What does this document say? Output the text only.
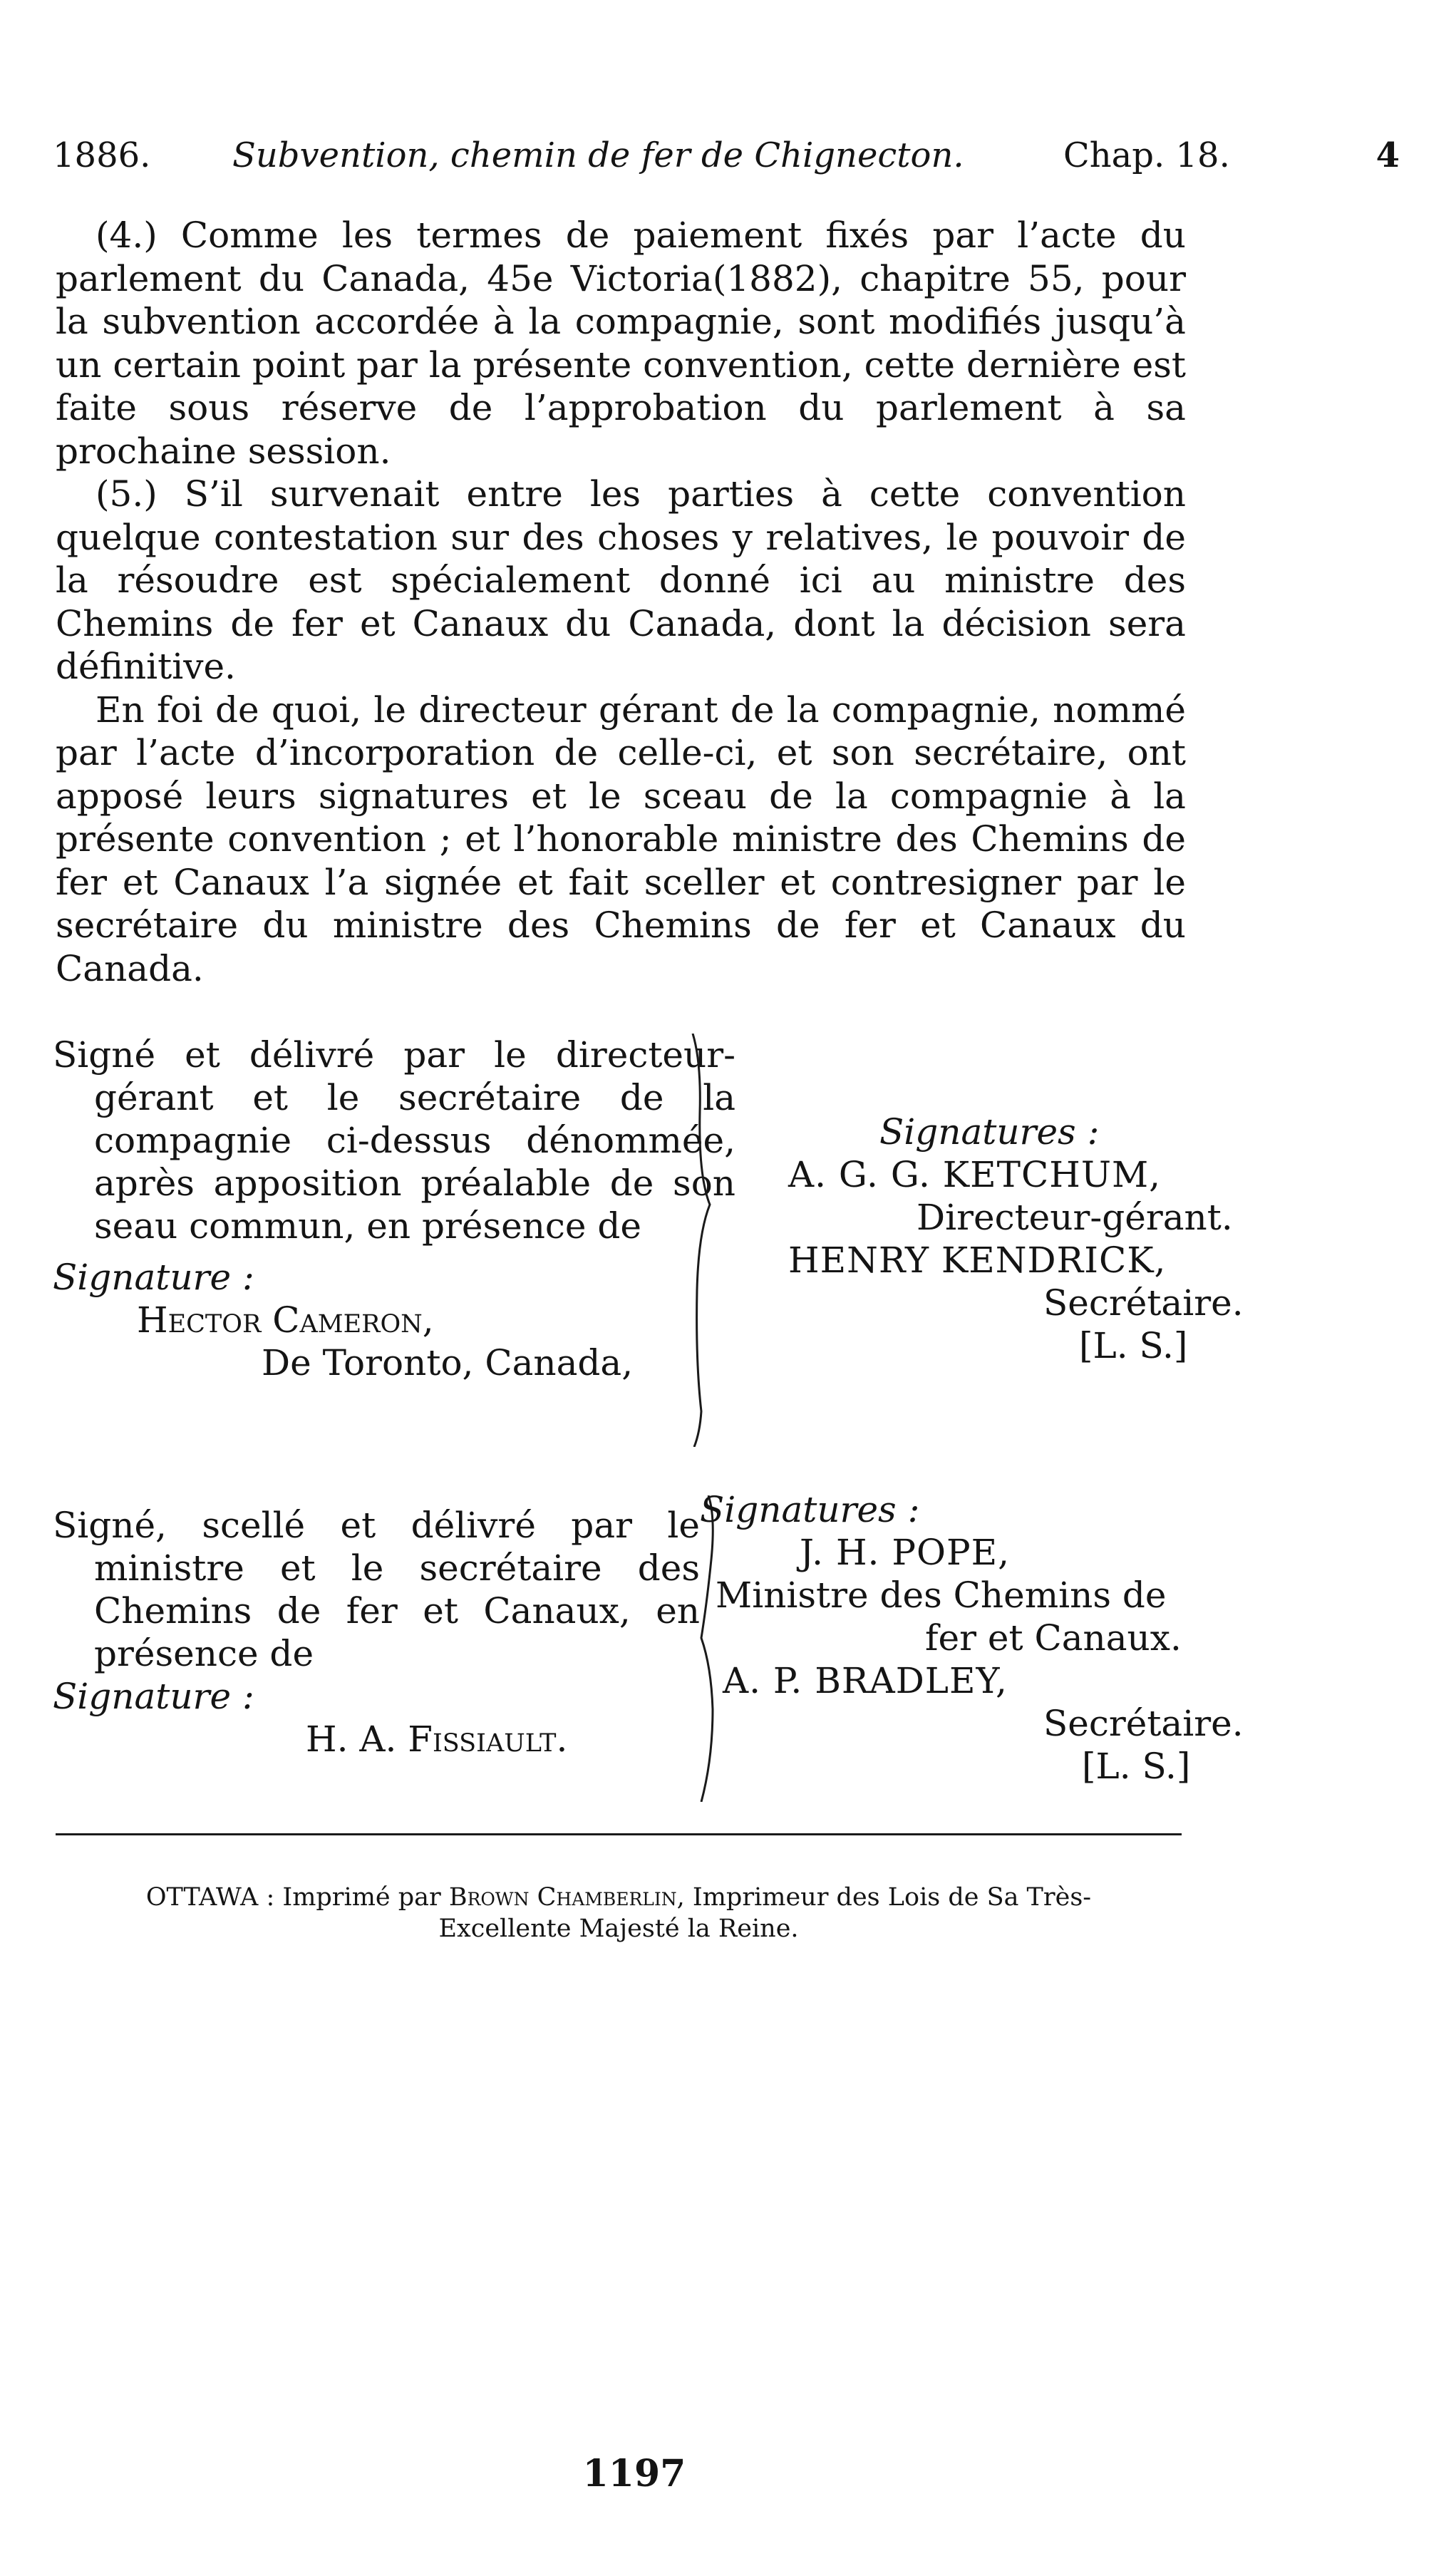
1886. Subvention, chemin de fer de Chignecton.	Chap. 18.	4

(4.) Comme les termes de paiement fixés par l’acte du parlement du Canada, 45e Victoria(1882), chapitre 55, pour la subvention accordée à la compagnie, sont modifiés jusqu’à un certain point par la présente convention, cette dernière est faite sous réserve de l’approbation du parlement à sa prochaine session.

(5.) S’il survenait entre les parties à cette convention quelque contestation sur des choses y relatives, le pouvoir de la résoudre est spécialement donné ici au ministre des Chemins de fer et Canaux du Canada, dont la décision sera définitive.

En foi de quoi, le directeur gérant de la compagnie, nommé par l’acte d’incorporation de celle-ci, et son secrétaire, ont apposé leurs signatures et le sceau de la compagnie à la présente convention ; et l’honorable ministre des Chemins de fer et Canaux l’a signée et fait sceller et contresigner par le secrétaire du ministre des Chemins de fer et Canaux du Canada.

Signé et délivré par le directeur-gérant et le secrétaire de la compagnie ci-dessus dénommée, après apposition préalable de son seau commun, en présence de

Signature :

Hector Cameron,

De Toronto, Canada,

Signatures :

A. G. G. KETCHUM,

Directeur-gérant.

HENRY KENDRICK,

Secrétaire.

[L. S.]

Signé, scellé et délivré par le ministre et le secrétaire des Chemins de fer et Canaux, en présence de

Signature :

H. A. Fissiault.

Signatures :

J. H. POPE,

Ministre des Chemins de

fer et Canaux.

A. P. BRADLEY,

Secrétaire.

[L. S.]

OTTAWA : Imprimé par Brown Chamberlin, Imprimeur des Lois de Sa Très-
Excellente Majesté la Reine.
1197
